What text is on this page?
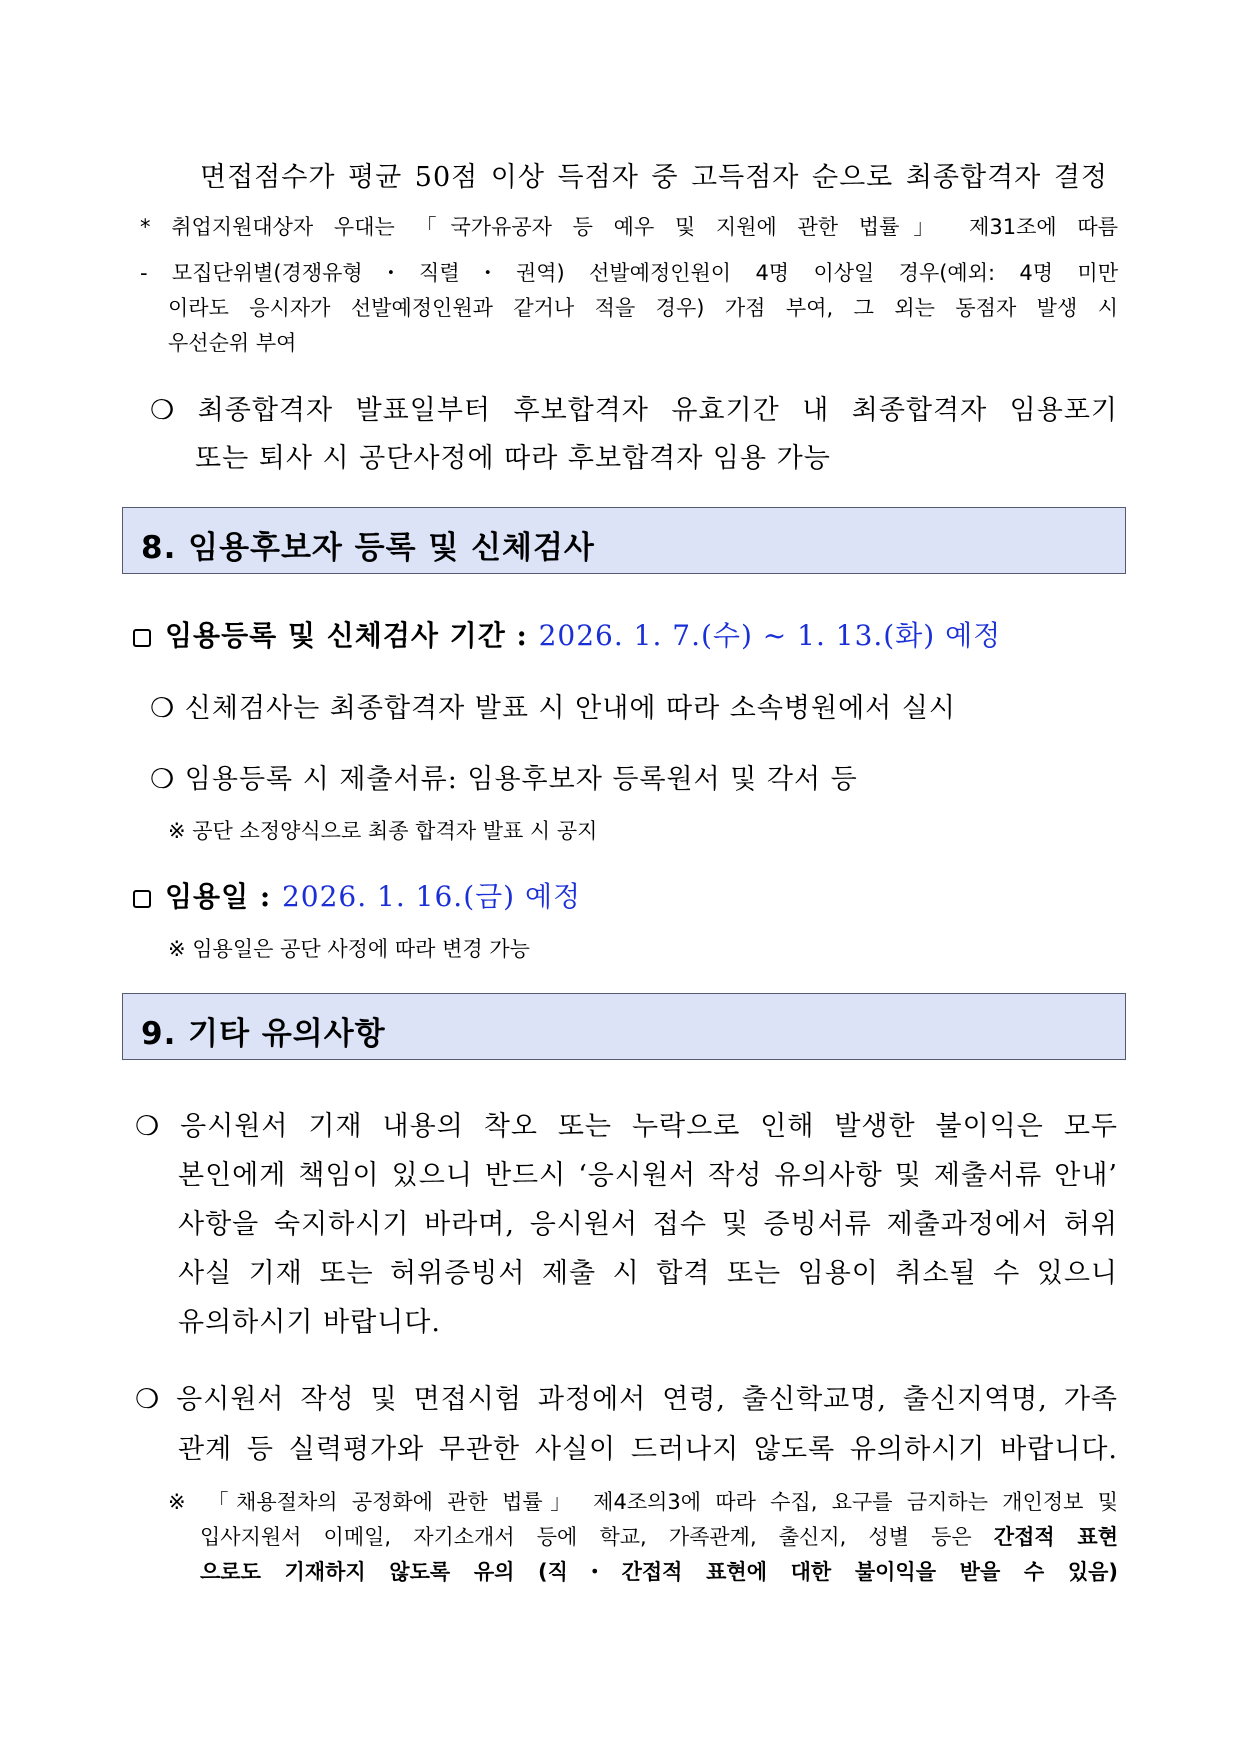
면접점수가 평균 50점 이상 득점자 중 고득점자 순으로 최종합격자 결정
* 취업지원대상자 우대는 「국가유공자 등 예우 및 지원에 관한 법률」 제31조에 따름
- 모집단위별(경쟁유형・직렬・권역) 선발예정인원이 4명 이상일 경우(예외: 4명 미만
이라도 응시자가 선발예정인원과 같거나 적을 경우) 가점 부여, 그 외는 동점자 발생 시
우선순위 부여
❍ 최종합격자 발표일부터 후보합격자 유효기간 내 최종합격자 임용포기
또는 퇴사 시 공단사정에 따라 후보합격자 임용 가능
8. 임용후보자 등록 및 신체검사
임용등록 및 신체검사 기간 : 2026. 1. 7.(수) ~ 1. 13.(화) 예정
❍ 신체검사는 최종합격자 발표 시 안내에 따라 소속병원에서 실시
❍ 임용등록 시 제출서류: 임용후보자 등록원서 및 각서 등
※ 공단 소정양식으로 최종 합격자 발표 시 공지
임용일 : 2026. 1. 16.(금) 예정
※ 임용일은 공단 사정에 따라 변경 가능
9. 기타 유의사항
❍ 응시원서 기재 내용의 착오 또는 누락으로 인해 발생한 불이익은 모두
본인에게 책임이 있으니 반드시 ‘응시원서 작성 유의사항 및 제출서류 안내’
사항을 숙지하시기 바라며, 응시원서 접수 및 증빙서류 제출과정에서 허위
사실 기재 또는 허위증빙서 제출 시 합격 또는 임용이 취소될 수 있으니
유의하시기 바랍니다.
❍ 응시원서 작성 및 면접시험 과정에서 연령, 출신학교명, 출신지역명, 가족
관계 등 실력평가와 무관한 사실이 드러나지 않도록 유의하시기 바랍니다.
※ 「채용절차의 공정화에 관한 법률」 제4조의3에 따라 수집, 요구를 금지하는 개인정보 및
입사지원서 이메일, 자기소개서 등에 학교, 가족관계, 출신지, 성별 등은 간접적 표현
으로도 기재하지 않도록 유의 (직・간접적 표현에 대한 불이익을 받을 수 있음)
